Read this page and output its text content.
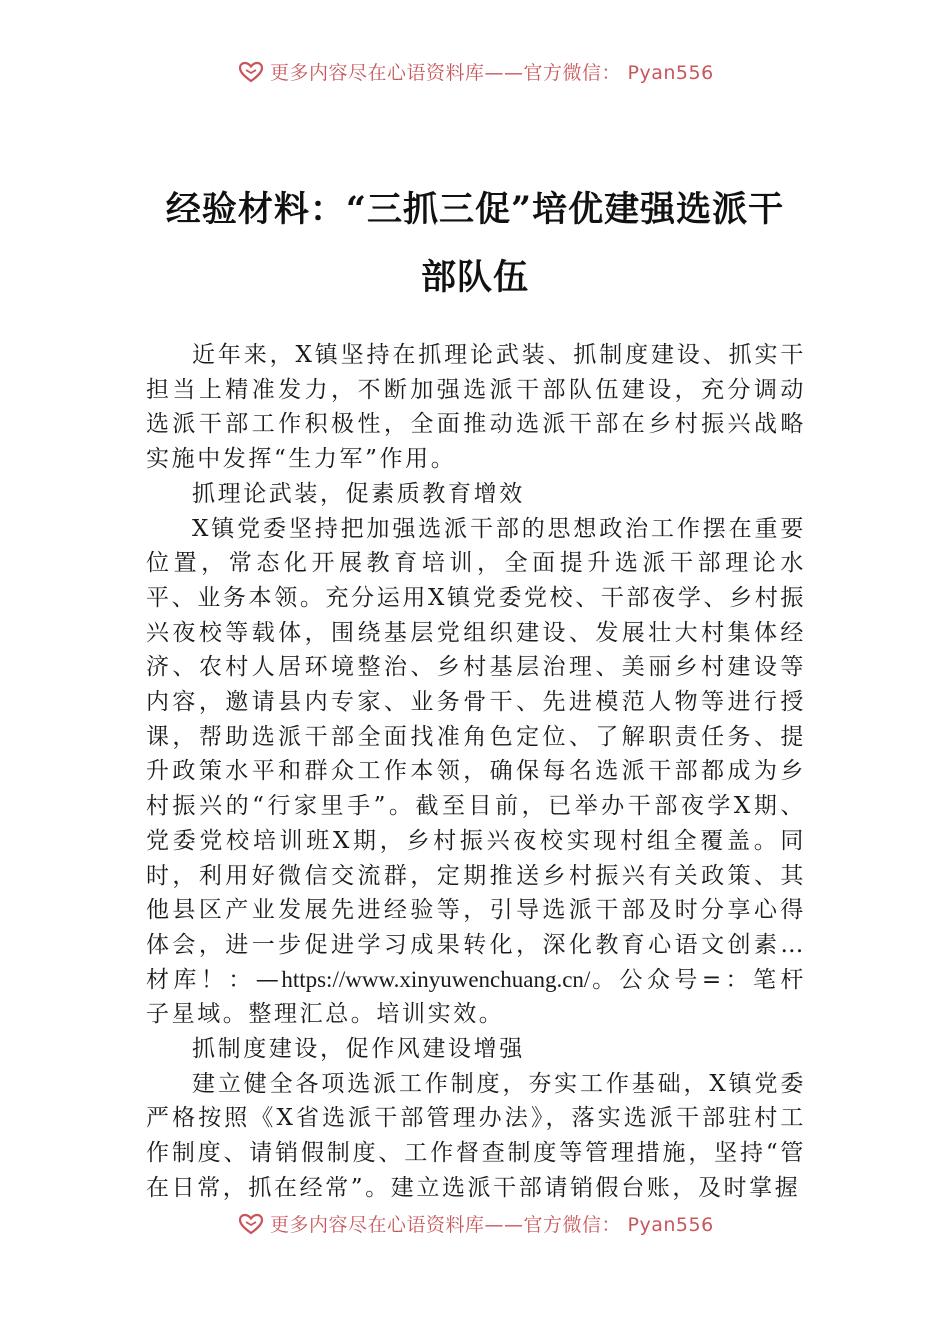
更多内容尽在心语资料库——官方微信： Pyan556
经验材料：“三抓三促”培优建强选派干
部队伍

近年来，X镇坚持在抓理论武装、抓制度建设、抓实干担当上精准发力，不断加强选派干部队伍建设，充分调动选派干部工作积极性，全面推动选派干部在乡村振兴战略实施中发挥“生力军”作用。

抓理论武装，促素质教育增效

X镇党委坚持把加强选派干部的思想政治工作摆在重要位置，常态化开展教育培训，全面提升选派干部理论水平、业务本领。充分运用X镇党委党校、干部夜学、乡村振兴夜校等载体，围绕基层党组织建设、发展壮大村集体经济、农村人居环境整治、乡村基层治理、美丽乡村建设等内容，邀请县内专家、业务骨干、先进模范人物等进行授课，帮助选派干部全面找准角色定位、了解职责任务、提升政策水平和群众工作本领，确保每名选派干部都成为乡村振兴的“行家里手”。截至目前，已举办干部夜学X期、党委党校培训班X期，乡村振兴夜校实现村组全覆盖。同时，利用好微信交流群，定期推送乡村振兴有关政策、其他县区产业发展先进经验等，引导选派干部及时分享心得体会，进一步促进学习成果转化，深化教育心语文创素…材库！：—https://www.xinyuwenchuang.cn/。公众号=：笔杆子星域。整理汇总。培训实效。

抓制度建设，促作风建设增强

建立健全各项选派工作制度，夯实工作基础，X镇党委严格按照《X省选派干部管理办法》，落实选派干部驻村工作制度、请销假制度、工作督查制度等管理措施，坚持“管在日常，抓在经常”。建立选派干部请销假台账，及时掌握

更多内容尽在心语资料库——官方微信： Pyan556
